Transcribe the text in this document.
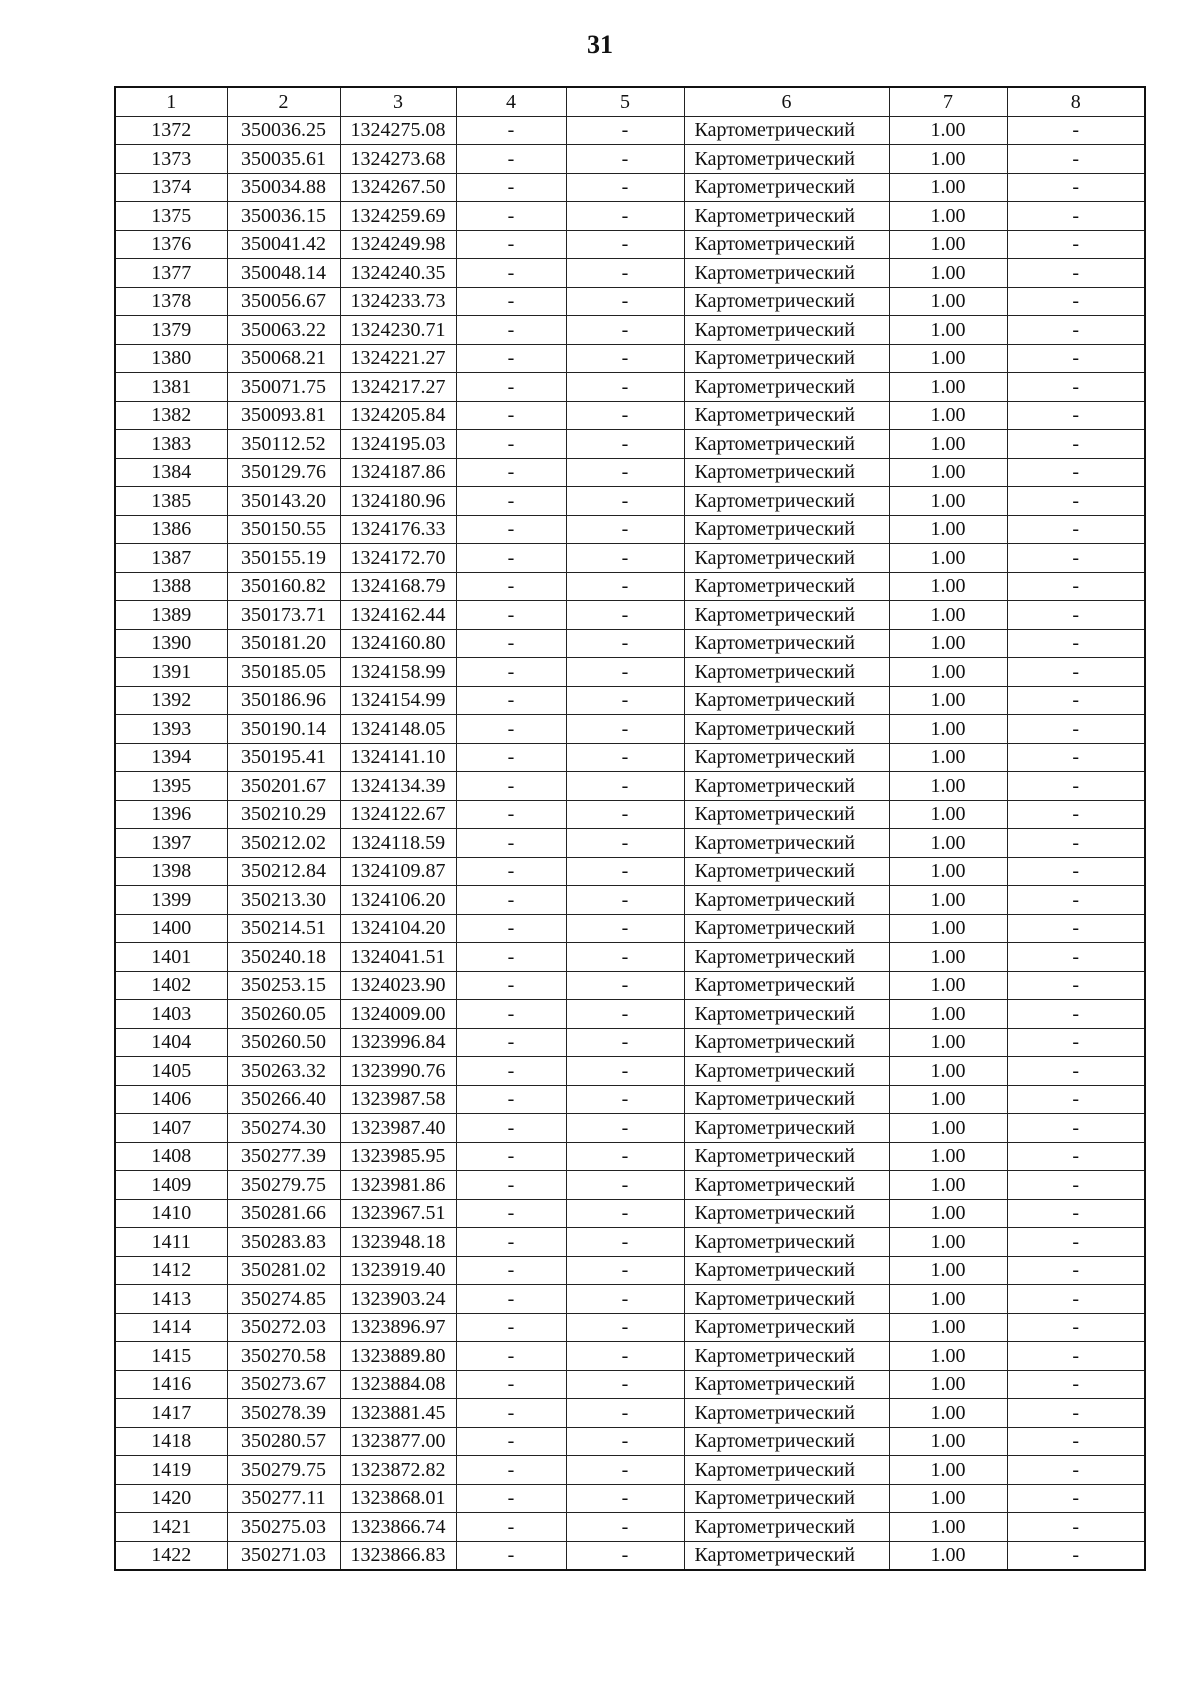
31
1	2	3	4	5	6	7	8
1372	350036.25	1324275.08	-	-	Картометрический	1.00	-
1373	350035.61	1324273.68	-	-	Картометрический	1.00	-
1374	350034.88	1324267.50	-	-	Картометрический	1.00	-
1375	350036.15	1324259.69	-	-	Картометрический	1.00	-
1376	350041.42	1324249.98	-	-	Картометрический	1.00	-
1377	350048.14	1324240.35	-	-	Картометрический	1.00	-
1378	350056.67	1324233.73	-	-	Картометрический	1.00	-
1379	350063.22	1324230.71	-	-	Картометрический	1.00	-
1380	350068.21	1324221.27	-	-	Картометрический	1.00	-
1381	350071.75	1324217.27	-	-	Картометрический	1.00	-
1382	350093.81	1324205.84	-	-	Картометрический	1.00	-
1383	350112.52	1324195.03	-	-	Картометрический	1.00	-
1384	350129.76	1324187.86	-	-	Картометрический	1.00	-
1385	350143.20	1324180.96	-	-	Картометрический	1.00	-
1386	350150.55	1324176.33	-	-	Картометрический	1.00	-
1387	350155.19	1324172.70	-	-	Картометрический	1.00	-
1388	350160.82	1324168.79	-	-	Картометрический	1.00	-
1389	350173.71	1324162.44	-	-	Картометрический	1.00	-
1390	350181.20	1324160.80	-	-	Картометрический	1.00	-
1391	350185.05	1324158.99	-	-	Картометрический	1.00	-
1392	350186.96	1324154.99	-	-	Картометрический	1.00	-
1393	350190.14	1324148.05	-	-	Картометрический	1.00	-
1394	350195.41	1324141.10	-	-	Картометрический	1.00	-
1395	350201.67	1324134.39	-	-	Картометрический	1.00	-
1396	350210.29	1324122.67	-	-	Картометрический	1.00	-
1397	350212.02	1324118.59	-	-	Картометрический	1.00	-
1398	350212.84	1324109.87	-	-	Картометрический	1.00	-
1399	350213.30	1324106.20	-	-	Картометрический	1.00	-
1400	350214.51	1324104.20	-	-	Картометрический	1.00	-
1401	350240.18	1324041.51	-	-	Картометрический	1.00	-
1402	350253.15	1324023.90	-	-	Картометрический	1.00	-
1403	350260.05	1324009.00	-	-	Картометрический	1.00	-
1404	350260.50	1323996.84	-	-	Картометрический	1.00	-
1405	350263.32	1323990.76	-	-	Картометрический	1.00	-
1406	350266.40	1323987.58	-	-	Картометрический	1.00	-
1407	350274.30	1323987.40	-	-	Картометрический	1.00	-
1408	350277.39	1323985.95	-	-	Картометрический	1.00	-
1409	350279.75	1323981.86	-	-	Картометрический	1.00	-
1410	350281.66	1323967.51	-	-	Картометрический	1.00	-
1411	350283.83	1323948.18	-	-	Картометрический	1.00	-
1412	350281.02	1323919.40	-	-	Картометрический	1.00	-
1413	350274.85	1323903.24	-	-	Картометрический	1.00	-
1414	350272.03	1323896.97	-	-	Картометрический	1.00	-
1415	350270.58	1323889.80	-	-	Картометрический	1.00	-
1416	350273.67	1323884.08	-	-	Картометрический	1.00	-
1417	350278.39	1323881.45	-	-	Картометрический	1.00	-
1418	350280.57	1323877.00	-	-	Картометрический	1.00	-
1419	350279.75	1323872.82	-	-	Картометрический	1.00	-
1420	350277.11	1323868.01	-	-	Картометрический	1.00	-
1421	350275.03	1323866.74	-	-	Картометрический	1.00	-
1422	350271.03	1323866.83	-	-	Картометрический	1.00	-
